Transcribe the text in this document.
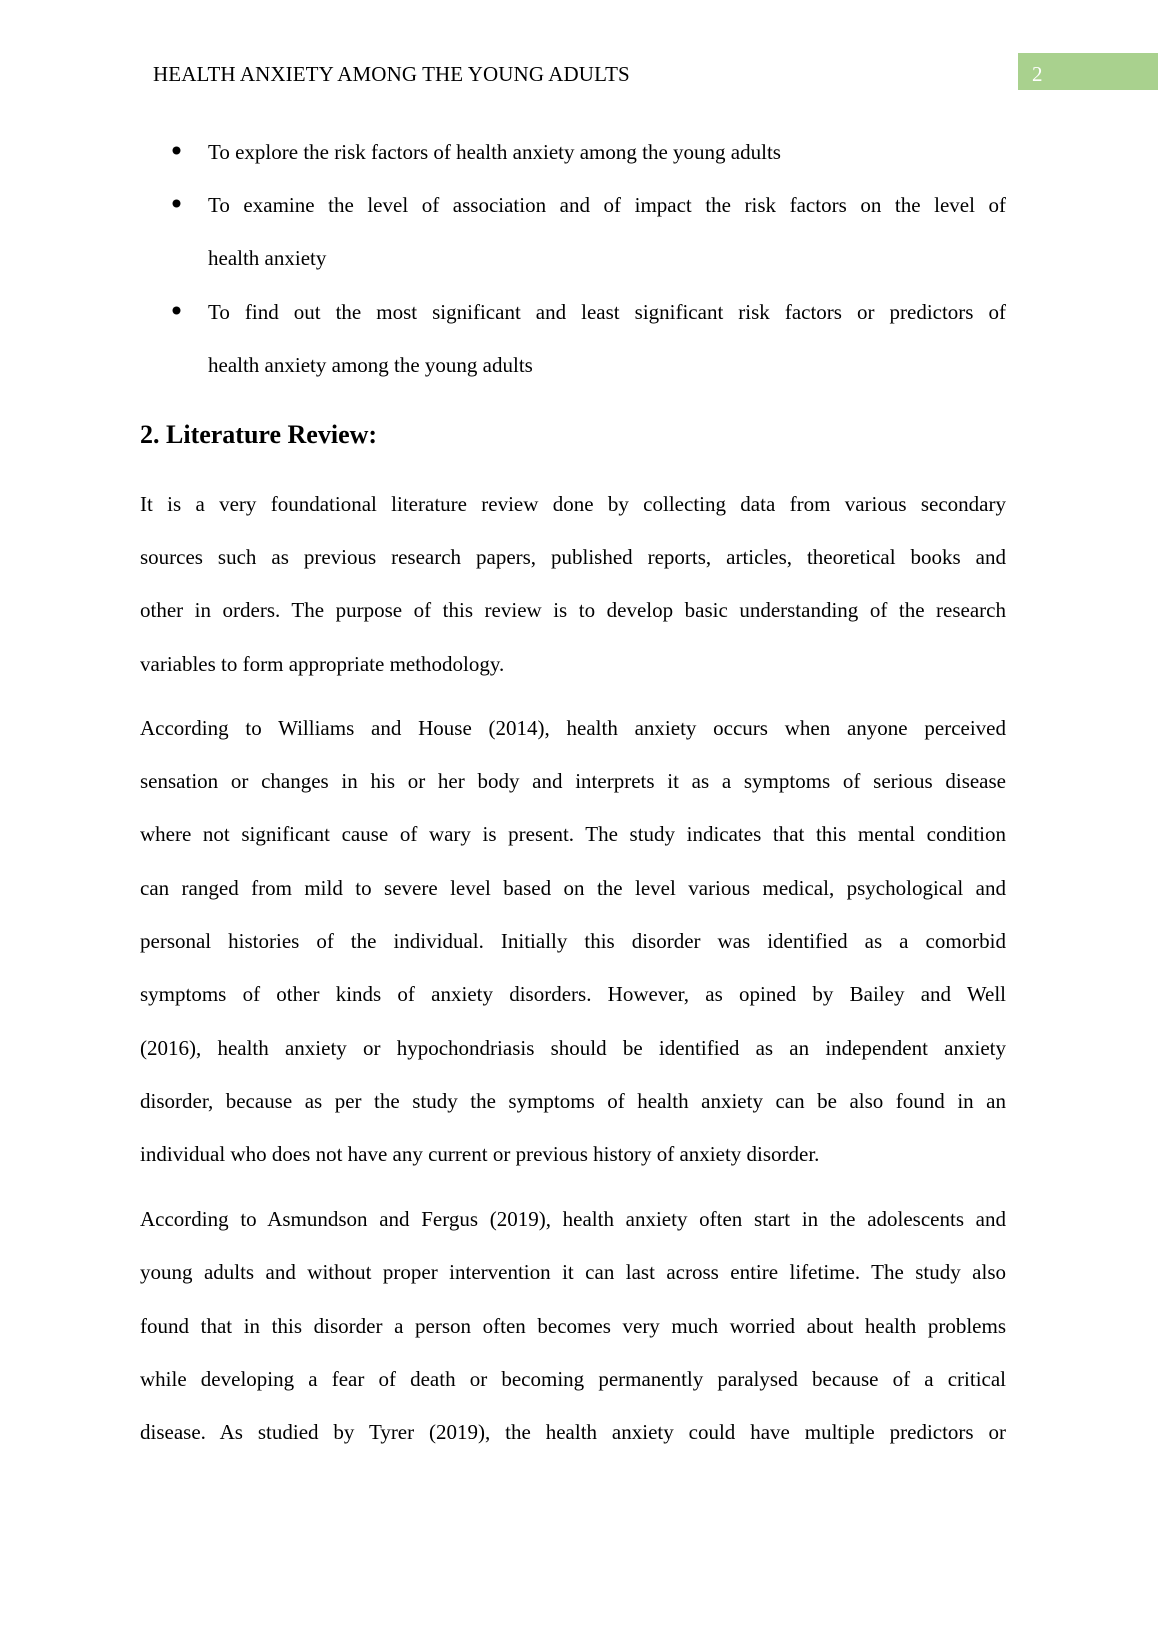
HEALTH ANXIETY AMONG THE YOUNG ADULTS	2
To explore the risk factors of health anxiety among the young adults
To examine the level of association and of impact the risk factors on the level of
health anxiety
To find out the most significant and least significant risk factors or predictors of
health anxiety among the young adults
2. Literature Review:
It is a very foundational literature review done by collecting data from various secondary
sources such as previous research papers, published reports, articles, theoretical books and
other in orders. The purpose of this review is to develop basic understanding of the research
variables to form appropriate methodology.
According to Williams and House (2014), health anxiety occurs when anyone perceived
sensation or changes in his or her body and interprets it as a symptoms of serious disease
where not significant cause of wary is present. The study indicates that this mental condition
can ranged from mild to severe level based on the level various medical, psychological and
personal histories of the individual. Initially this disorder was identified as a comorbid
symptoms of other kinds of anxiety disorders. However, as opined by Bailey and Well
(2016), health anxiety or hypochondriasis should be identified as an independent anxiety
disorder, because as per the study the symptoms of health anxiety can be also found in an
individual who does not have any current or previous history of anxiety disorder.
According to Asmundson and Fergus (2019), health anxiety often start in the adolescents and
young adults and without proper intervention it can last across entire lifetime. The study also
found that in this disorder a person often becomes very much worried about health problems
while developing a fear of death or becoming permanently paralysed because of a critical
disease. As studied by Tyrer (2019), the health anxiety could have multiple predictors or
